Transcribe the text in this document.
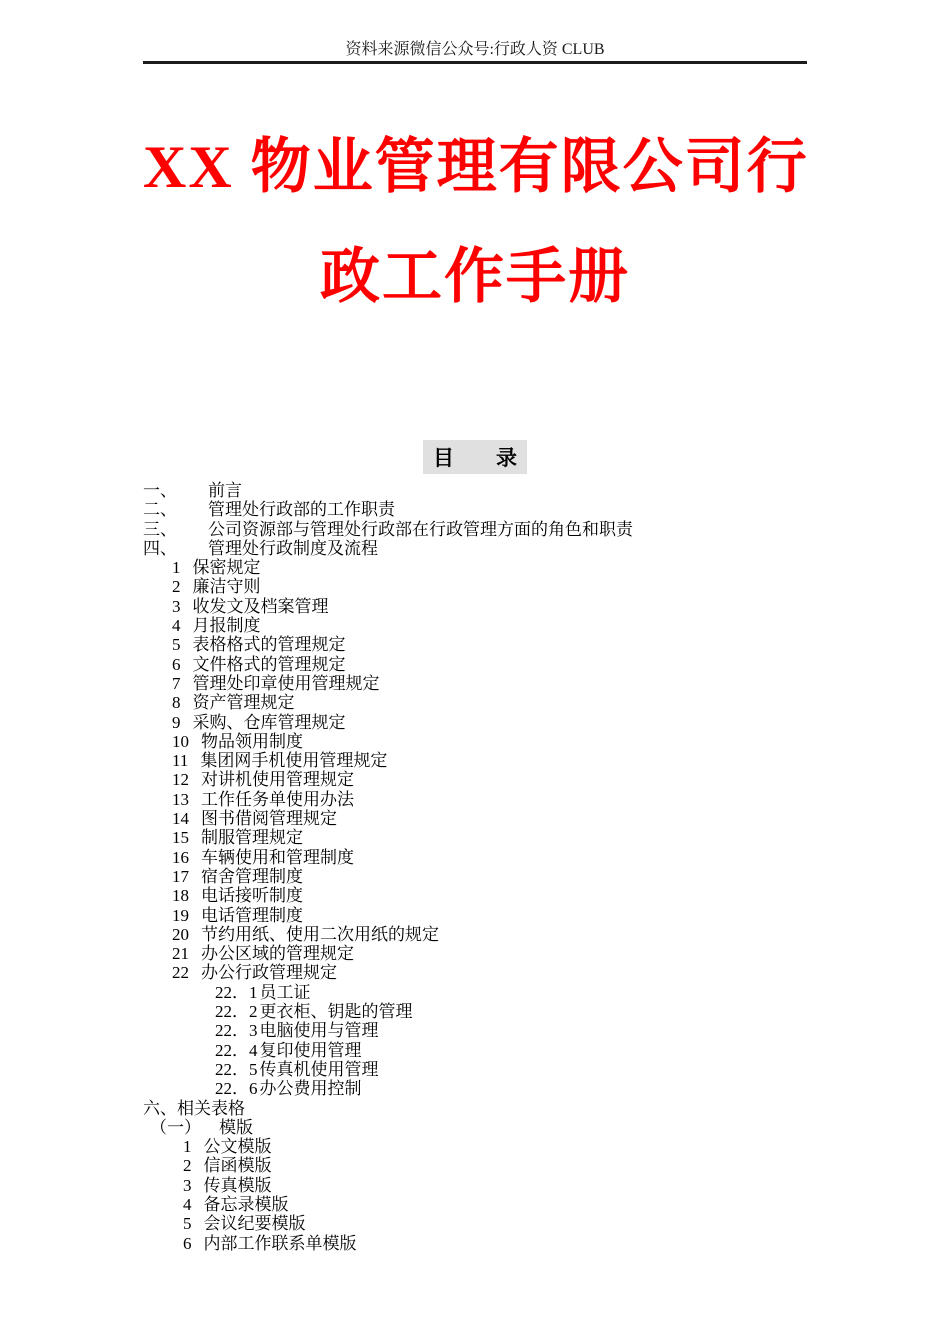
资料来源微信公众号:行政人资 CLUB
XX 物业管理有限公司行
政工作手册
目　　录
一、 前言
二、 管理处行政部的工作职责
三、 公司资源部与管理处行政部在行政管理方面的角色和职责
四、 管理处行政制度及流程
1 保密规定
2 廉洁守则
3 收发文及档案管理
4 月报制度
5 表格格式的管理规定
6 文件格式的管理规定
7 管理处印章使用管理规定
8 资产管理规定
9 采购、仓库管理规定
10 物品领用制度
11 集团网手机使用管理规定
12 对讲机使用管理规定
13 工作任务单使用办法
14 图书借阅管理规定
15 制服管理规定
16 车辆使用和管理制度
17 宿舍管理制度
18 电话接听制度
19 电话管理制度
20 节约用纸、使用二次用纸的规定
21 办公区域的管理规定
22 办公行政管理规定
22．1 员工证
22．2 更衣柜、钥匙的管理
22．3 电脑使用与管理
22．4 复印使用管理
22．5 传真机使用管理
22．6 办公费用控制
六、相关表格
（一） 模版
1 公文模版
2 信函模版
3 传真模版
4 备忘录模版
5 会议纪要模版
6 内部工作联系单模版
